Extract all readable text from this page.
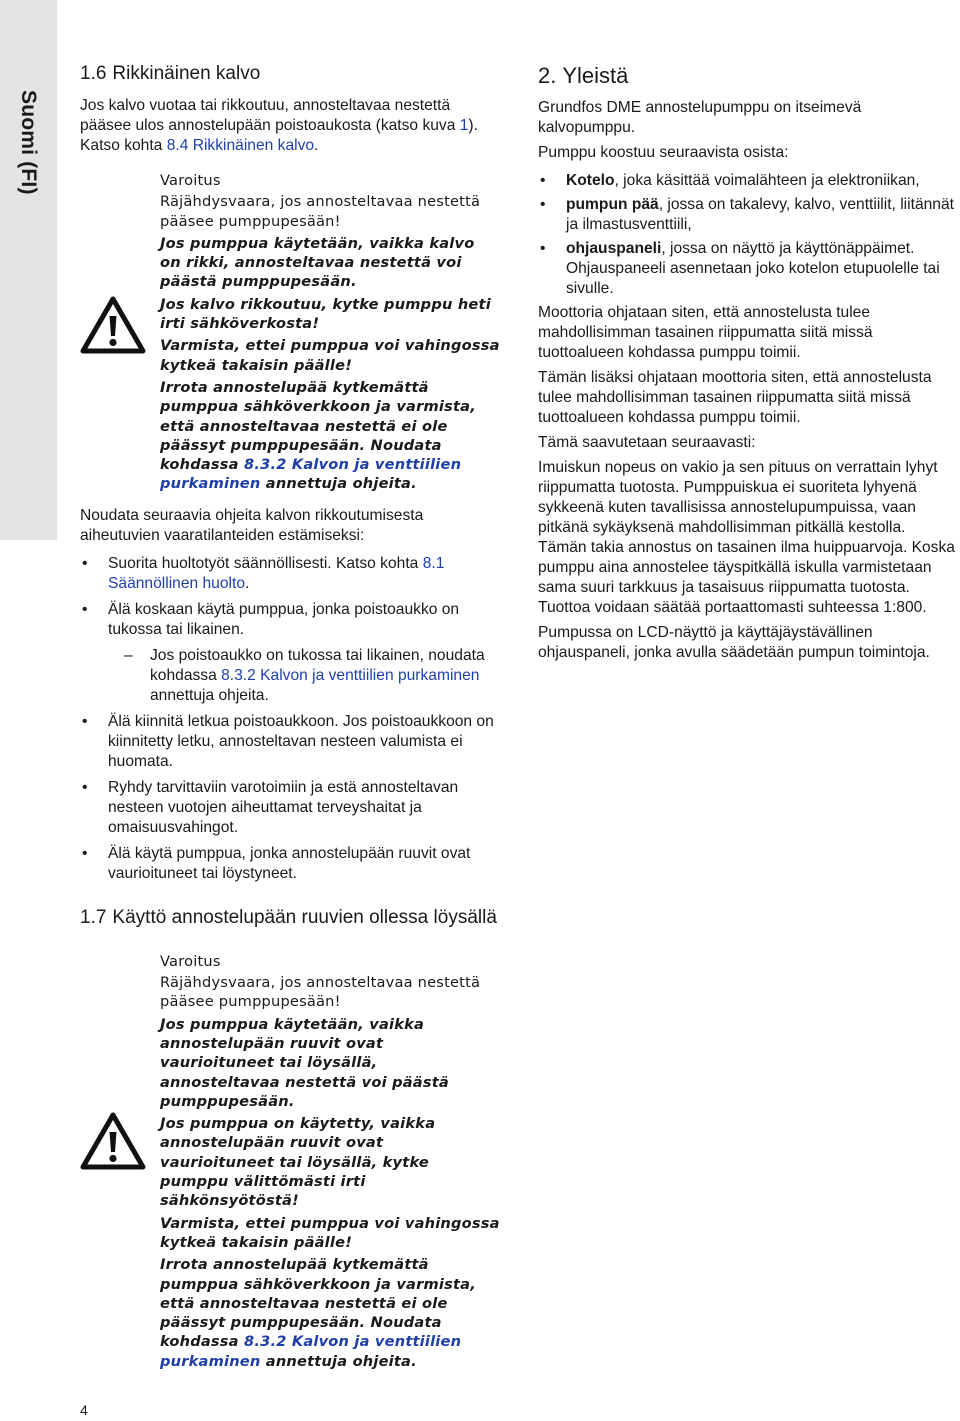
Suomi (FI)
1.6 Rikkinäinen kalvo

Jos kalvo vuotaa tai rikkoutuu, annosteltavaa nestettä pääsee ulos annostelupään poistoaukosta (katso kuva 1). Katso kohta 8.4 Rikkinäinen kalvo.

Varoitus
Räjähdysvaara, jos annosteltavaa nestettä pääsee pumppupesään!
Jos pumppua käytetään, vaikka kalvo on rikki, annosteltavaa nestettä voi päästä pumppupesään.
Jos kalvo rikkoutuu, kytke pumppu heti irti sähköverkosta!
Varmista, ettei pumppua voi vahingossa kytkeä takaisin päälle!
Irrota annostelupää kytkemättä pumppua sähköverkkoon ja varmista, että annosteltavaa nestettä ei ole päässyt pumppupesään. Noudata kohdassa 8.3.2 Kalvon ja venttiilien purkaminen annettuja ohjeita.

Noudata seuraavia ohjeita kalvon rikkoutumisesta aiheutuvien vaaratilanteiden estämiseksi:

• Suorita huoltotyöt säännöllisesti. Katso kohta 8.1 Säännöllinen huolto.
• Älä koskaan käytä pumppua, jonka poistoaukko on tukossa tai likainen.
– Jos poistoaukko on tukossa tai likainen, noudata kohdassa 8.3.2 Kalvon ja venttiilien purkaminen annettuja ohjeita.
• Älä kiinnitä letkua poistoaukkoon. Jos poistoaukkoon on kiinnitetty letku, annosteltavan nesteen valumista ei huomata.
• Ryhdy tarvittaviin varotoimiin ja estä annosteltavan nesteen vuotojen aiheuttamat terveyshaitat ja omaisuusvahingot.
• Älä käytä pumppua, jonka annostelupään ruuvit ovat vaurioituneet tai löystyneet.
1.7 Käyttö annostelupään ruuvien ollessa löysällä
Varoitus
Räjähdysvaara, jos annosteltavaa nestettä pääsee pumppupesään!
Jos pumppua käytetään, vaikka annostelupään ruuvit ovat vaurioituneet tai löysällä, annosteltavaa nestettä voi päästä pumppupesään.
Jos pumppua on käytetty, vaikka annostelupään ruuvit ovat vaurioituneet tai löysällä, kytke pumppu välittömästi irti sähkönsyötöstä!
Varmista, ettei pumppua voi vahingossa kytkeä takaisin päälle!
Irrota annostelupää kytkemättä pumppua sähköverkkoon ja varmista, että annosteltavaa nestettä ei ole päässyt pumppupesään. Noudata kohdassa 8.3.2 Kalvon ja venttiilien purkaminen annettuja ohjeita.
2. Yleistä

Grundfos DME annostelupumppu on itseimevä kalvopumppu.

Pumppu koostuu seuraavista osista:

• Kotelo, joka käsittää voimalähteen ja elektroniikan,
• pumpun pää, jossa on takalevy, kalvo, venttiilit, liitännät ja ilmastusventtiili,
• ohjauspaneli, jossa on näyttö ja käyttönäppäimet. Ohjauspaneeli asennetaan joko kotelon etupuolelle tai sivulle.

Moottoria ohjataan siten, että annostelusta tulee mahdollisimman tasainen riippumatta siitä missä tuottoalueen kohdassa pumppu toimii.

Tämän lisäksi ohjataan moottoria siten, että annostelusta tulee mahdollisimman tasainen riippumatta siitä missä tuottoalueen kohdassa pumppu toimii.

Tämä saavutetaan seuraavasti:

Imuiskun nopeus on vakio ja sen pituus on verrattain lyhyt riippumatta tuotosta. Pumppuiskua ei suoriteta lyhyenä sykkeenä kuten tavallisissa annostelupumpuissa, vaan pitkänä sykäyksenä mahdollisimman pitkällä kestolla. Tämän takia annostus on tasainen ilma huippuarvoja. Koska pumppu aina annostelee täyspitkällä iskulla varmistetaan sama suuri tarkkuus ja tasaisuus riippumatta tuotosta. Tuottoa voidaan säätää portaattomasti suhteessa 1:800.

Pumpussa on LCD-näyttö ja käyttäjäystävällinen ohjauspaneli, jonka avulla säädetään pumpun toimintoja.

4
